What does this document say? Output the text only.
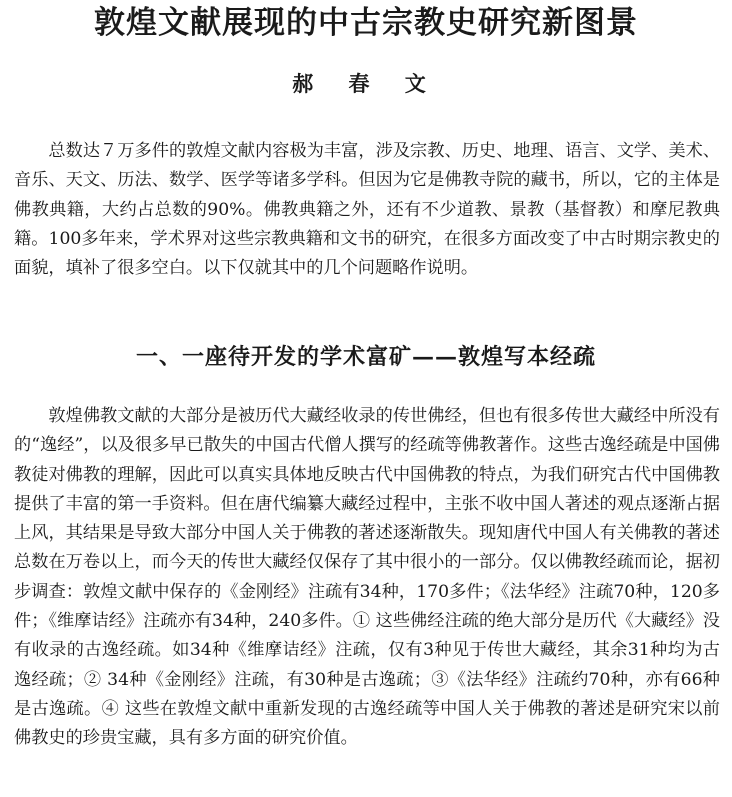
敦煌文献展现的中古宗教史研究新图景
郝 春 文

总数达７万多件的敦煌文献内容极为丰富，涉及宗教、历史、地理、语言、文学、美术、音乐、天文、历法、数学、医学等诸多学科。但因为它是佛教寺院的藏书，所以，它的主体是佛教典籍，大约占总数的90%。佛教典籍之外，还有不少道教、景教（基督教）和摩尼教典籍。100多年来，学术界对这些宗教典籍和文书的研究，在很多方面改变了中古时期宗教史的面貌，填补了很多空白。以下仅就其中的几个问题略作说明。

一、一座待开发的学术富矿——敦煌写本经疏

敦煌佛教文献的大部分是被历代大藏经收录的传世佛经，但也有很多传世大藏经中所没有的“逸经”，以及很多早已散失的中国古代僧人撰写的经疏等佛教著作。这些古逸经疏是中国佛教徒对佛教的理解，因此可以真实具体地反映古代中国佛教的特点，为我们研究古代中国佛教提供了丰富的第一手资料。但在唐代编纂大藏经过程中，主张不收中国人著述的观点逐渐占据上风，其结果是导致大部分中国人关于佛教的著述逐渐散失。现知唐代中国人有关佛教的著述总数在万卷以上，而今天的传世大藏经仅保存了其中很小的一部分。仅以佛教经疏而论，据初步调查：敦煌文献中保存的《金刚经》注疏有34种，170多件；《法华经》注疏70种，120多件；《维摩诘经》注疏亦有34种，240多件。① 这些佛经注疏的绝大部分是历代《大藏经》没有收录的古逸经疏。如34种《维摩诘经》注疏，仅有3种见于传世大藏经，其余31种均为古逸经疏；② 34种《金刚经》注疏，有30种是古逸疏；③《法华经》注疏约70种，亦有66种是古逸疏。④ 这些在敦煌文献中重新发现的古逸经疏等中国人关于佛教的著述是研究宋以前佛教史的珍贵宝藏，具有多方面的研究价值。
